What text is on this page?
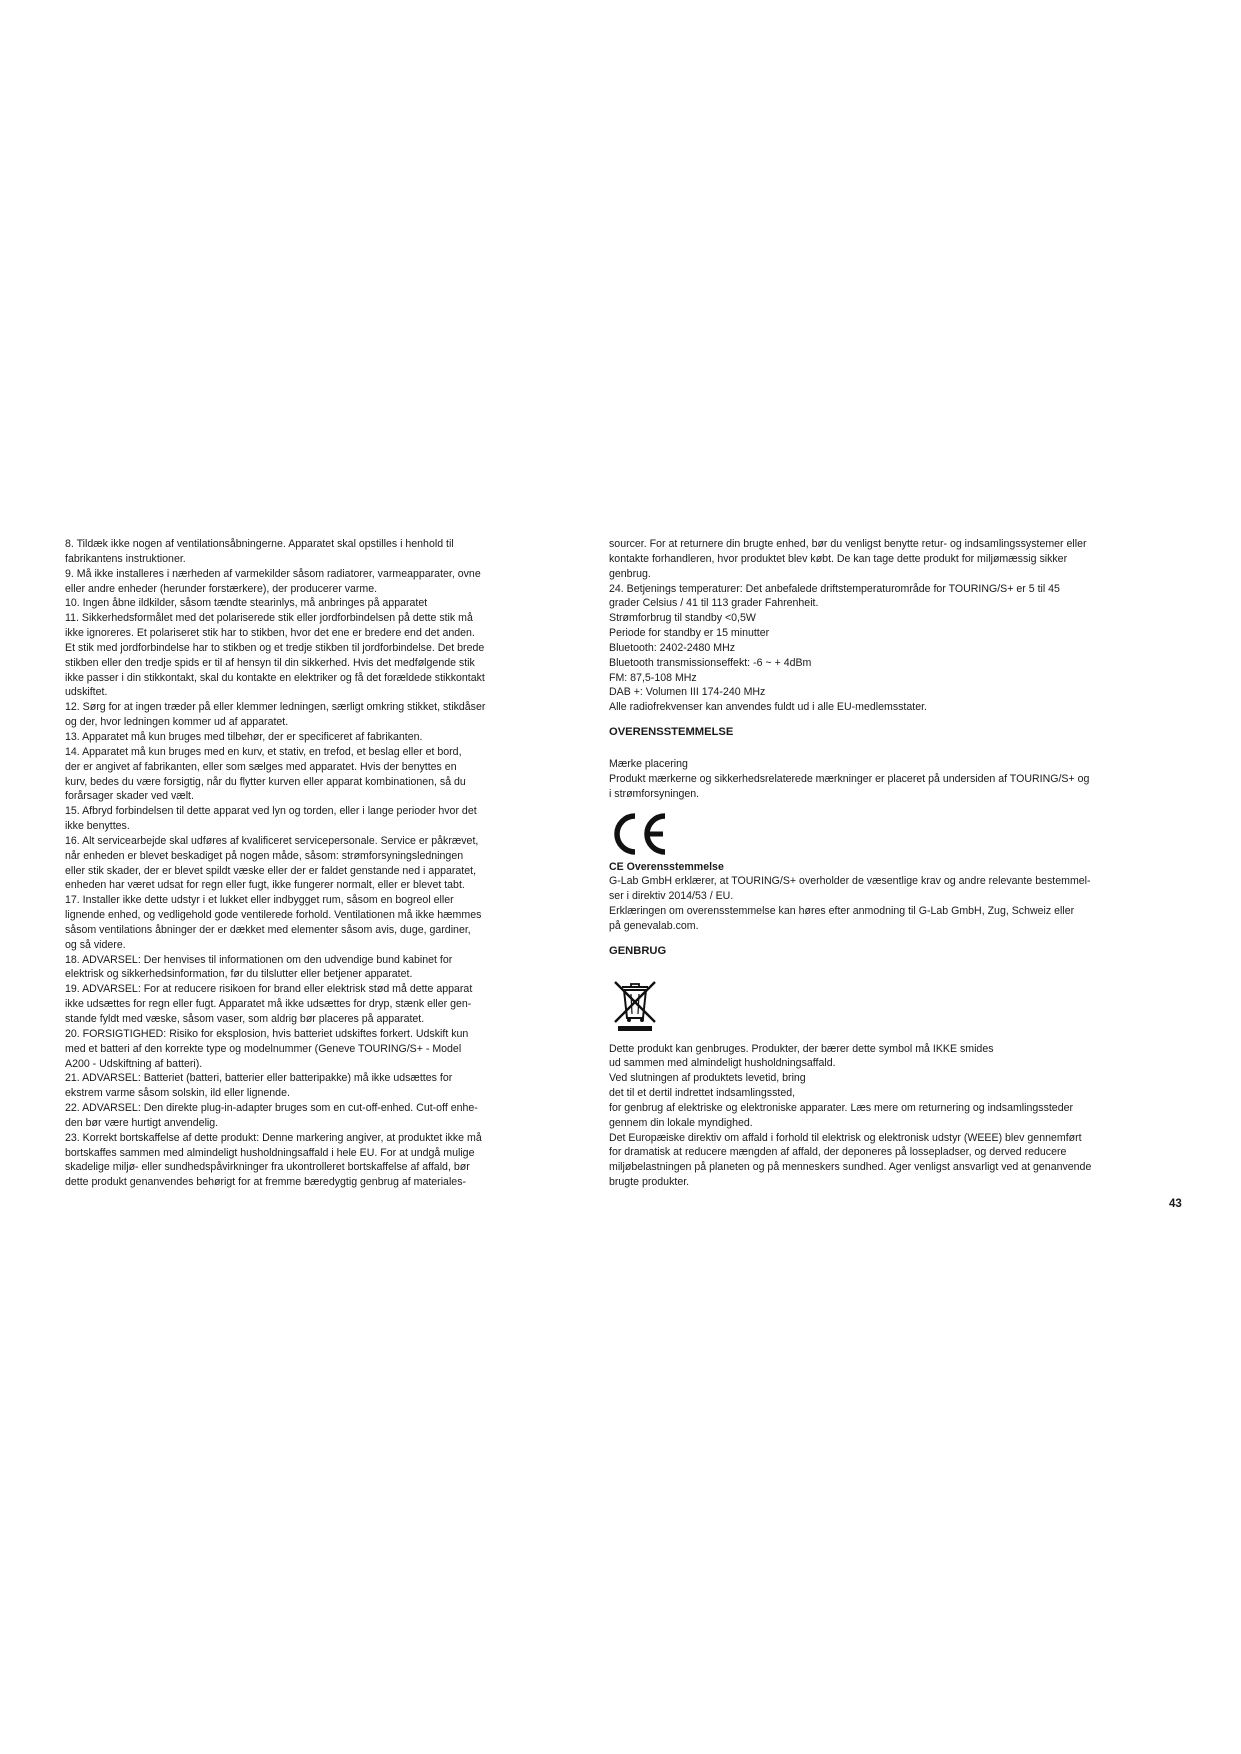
8. Tildæk ikke nogen af ventilationsåbningerne. Apparatet skal opstilles i henhold til
fabrikantens instruktioner.
9. Må ikke installeres i nærheden af varmekilder såsom radiatorer, varmeapparater, ovne
eller andre enheder (herunder forstærkere), der producerer varme.
10. Ingen åbne ildkilder, såsom tændte stearinlys, må anbringes på apparatet
11. Sikkerhedsformålet med det polariserede stik eller jordforbindelsen på dette stik må
ikke ignoreres. Et polariseret stik har to stikben, hvor det ene er bredere end det anden.
Et stik med jordforbindelse har to stikben og et tredje stikben til jordforbindelse. Det brede
stikben eller den tredje spids er til af hensyn til din sikkerhed. Hvis det medfølgende stik
ikke passer i din stikkontakt, skal du kontakte en elektriker og få det forældede stikkontakt
udskiftet.
12. Sørg for at ingen træder på eller klemmer ledningen, særligt omkring stikket, stikdåser
og der, hvor ledningen kommer ud af apparatet.
13. Apparatet må kun bruges med tilbehør, der er specificeret af fabrikanten.
14. Apparatet må kun bruges med en kurv, et stativ, en trefod, et beslag eller et bord,
der er angivet af fabrikanten, eller som sælges med apparatet. Hvis der benyttes en
kurv, bedes du være forsigtig, når du flytter kurven eller apparat kombinationen, så du
forårsager skader ved vælt.
15. Afbryd forbindelsen til dette apparat ved lyn og torden, eller i lange perioder hvor det
ikke benyttes.
16. Alt servicearbejde skal udføres af kvalificeret servicepersonale. Service er påkrævet,
når enheden er blevet beskadiget på nogen måde, såsom: strømforsyningsledningen
eller stik skader, der er blevet spildt væske eller der er faldet genstande ned i apparatet,
enheden har været udsat for regn eller fugt, ikke fungerer normalt, eller er blevet tabt.
17. Installer ikke dette udstyr i et lukket eller indbygget rum, såsom en bogreol eller
lignende enhed, og vedligehold gode ventilerede forhold. Ventilationen må ikke hæmmes
såsom ventilations åbninger der er dækket med elementer såsom avis, duge, gardiner,
og så videre.
18. ADVARSEL: Der henvises til informationen om den udvendige bund kabinet for
elektrisk og sikkerhedsinformation, før du tilslutter eller betjener apparatet.
19. ADVARSEL: For at reducere risikoen for brand eller elektrisk stød må dette apparat
ikke udsættes for regn eller fugt. Apparatet må ikke udsættes for dryp, stænk eller gen-
stande fyldt med væske, såsom vaser, som aldrig bør placeres på apparatet.
20. FORSIGTIGHED: Risiko for eksplosion, hvis batteriet udskiftes forkert. Udskift kun
med et batteri af den korrekte type og modelnummer (Geneve TOURING/S+ - Model
A200 - Udskiftning af batteri).
21. ADVARSEL: Batteriet (batteri, batterier eller batteripakke) må ikke udsættes for
ekstrem varme såsom solskin, ild eller lignende.
22. ADVARSEL: Den direkte plug-in-adapter bruges som en cut-off-enhed. Cut-off enhe-
den bør være hurtigt anvendelig.
23. Korrekt bortskaffelse af dette produkt: Denne markering angiver, at produktet ikke må
bortskaffes sammen med almindeligt husholdningsaffald i hele EU. For at undgå mulige
skadelige miljø- eller sundhedspåvirkninger fra ukontrolleret bortskaffelse af affald, bør
dette produkt genanvendes behørigt for at fremme bæredygtig genbrug af materiales-
sourcer. For at returnere din brugte enhed, bør du venligst benytte retur- og indsamlingssystemer eller
kontakte forhandleren, hvor produktet blev købt. De kan tage dette produkt for miljømæssig sikker
genbrug.
24. Betjenings temperaturer: Det anbefalede driftstemperaturområde for TOURING/S+ er 5 til 45
grader Celsius / 41 til 113 grader Fahrenheit.
Strømforbrug til standby <0,5W
Periode for standby er 15 minutter
Bluetooth: 2402-2480 MHz
Bluetooth transmissionseffekt: -6 ~ + 4dBm
FM: 87,5-108 MHz
DAB +: Volumen III 174-240 MHz
Alle radiofrekvenser kan anvendes fuldt ud i alle EU-medlemsstater.
OVERENSSTEMMELSE
Mærke placering
Produkt mærkerne og sikkerhedsrelaterede mærkninger er placeret på undersiden af TOURING/S+ og
i strømforsyningen.
CE Overensstemmelse
G-Lab GmbH erklærer, at TOURING/S+ overholder de væsentlige krav og andre relevante bestemmel-
ser i direktiv 2014/53 / EU.
Erklæringen om overensstemmelse kan høres efter anmodning til G-Lab GmbH, Zug, Schweiz eller
på genevalab.com.
GENBRUG
Dette produkt kan genbruges. Produkter, der bærer dette symbol må IKKE smides
ud sammen med almindeligt husholdningsaffald.
Ved slutningen af produktets levetid, bring
det til et dertil indrettet indsamlingssted,
for genbrug af elektriske og elektroniske apparater. Læs mere om returnering og indsamlingssteder
gennem din lokale myndighed.
Det Europæiske direktiv om affald i forhold til elektrisk og elektronisk udstyr (WEEE) blev gennemført
for dramatisk at reducere mængden af affald, der deponeres på lossepladser, og derved reducere
miljøbelastningen på planeten og på menneskers sundhed. Ager venligst ansvarligt ved at genanvende
brugte produkter.
43
